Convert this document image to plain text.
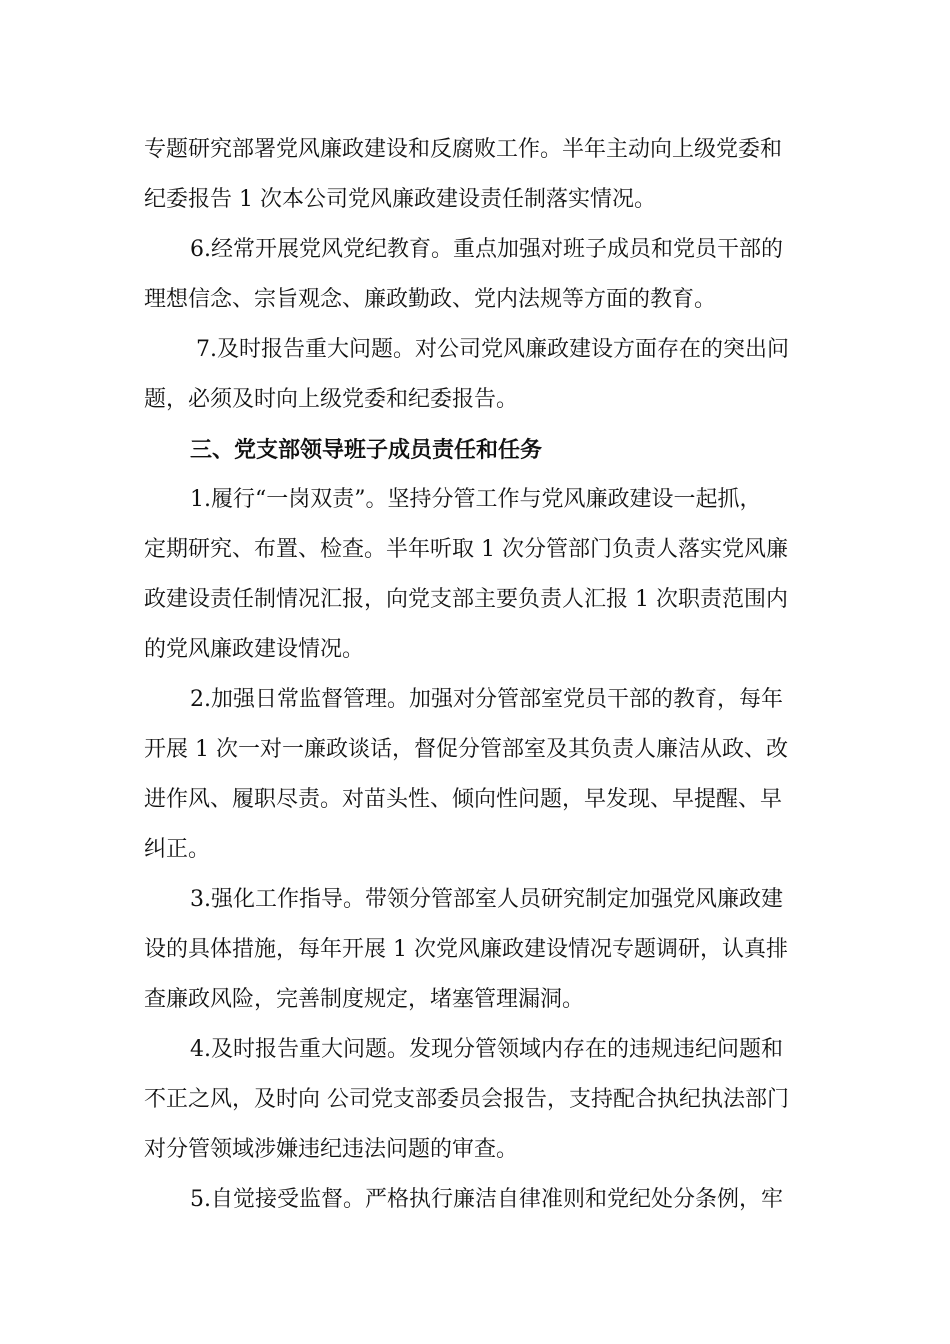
专题研究部署党风廉政建设和反腐败工作。半年主动向上级党委和
纪委报告 1 次本公司党风廉政建设责任制落实情况。
6.经常开展党风党纪教育。重点加强对班子成员和党员干部的
理想信念、宗旨观念、廉政勤政、党内法规等方面的教育。
7.及时报告重大问题。对公司党风廉政建设方面存在的突出问
题，必须及时向上级党委和纪委报告。
三、党支部领导班子成员责任和任务
1.履行“一岗双责”。坚持分管工作与党风廉政建设一起抓，
定期研究、布置、检查。半年听取 1 次分管部门负责人落实党风廉
政建设责任制情况汇报，向党支部主要负责人汇报 1 次职责范围内
的党风廉政建设情况。
2.加强日常监督管理。加强对分管部室党员干部的教育，每年
开展 1 次一对一廉政谈话，督促分管部室及其负责人廉洁从政、改
进作风、履职尽责。对苗头性、倾向性问题，早发现、早提醒、早
纠正。
3.强化工作指导。带领分管部室人员研究制定加强党风廉政建
设的具体措施，每年开展 1 次党风廉政建设情况专题调研，认真排
查廉政风险，完善制度规定，堵塞管理漏洞。
4.及时报告重大问题。发现分管领域内存在的违规违纪问题和
不正之风，及时向 公司党支部委员会报告，支持配合执纪执法部门
对分管领域涉嫌违纪违法问题的审查。
5.自觉接受监督。严格执行廉洁自律准则和党纪处分条例，牢
